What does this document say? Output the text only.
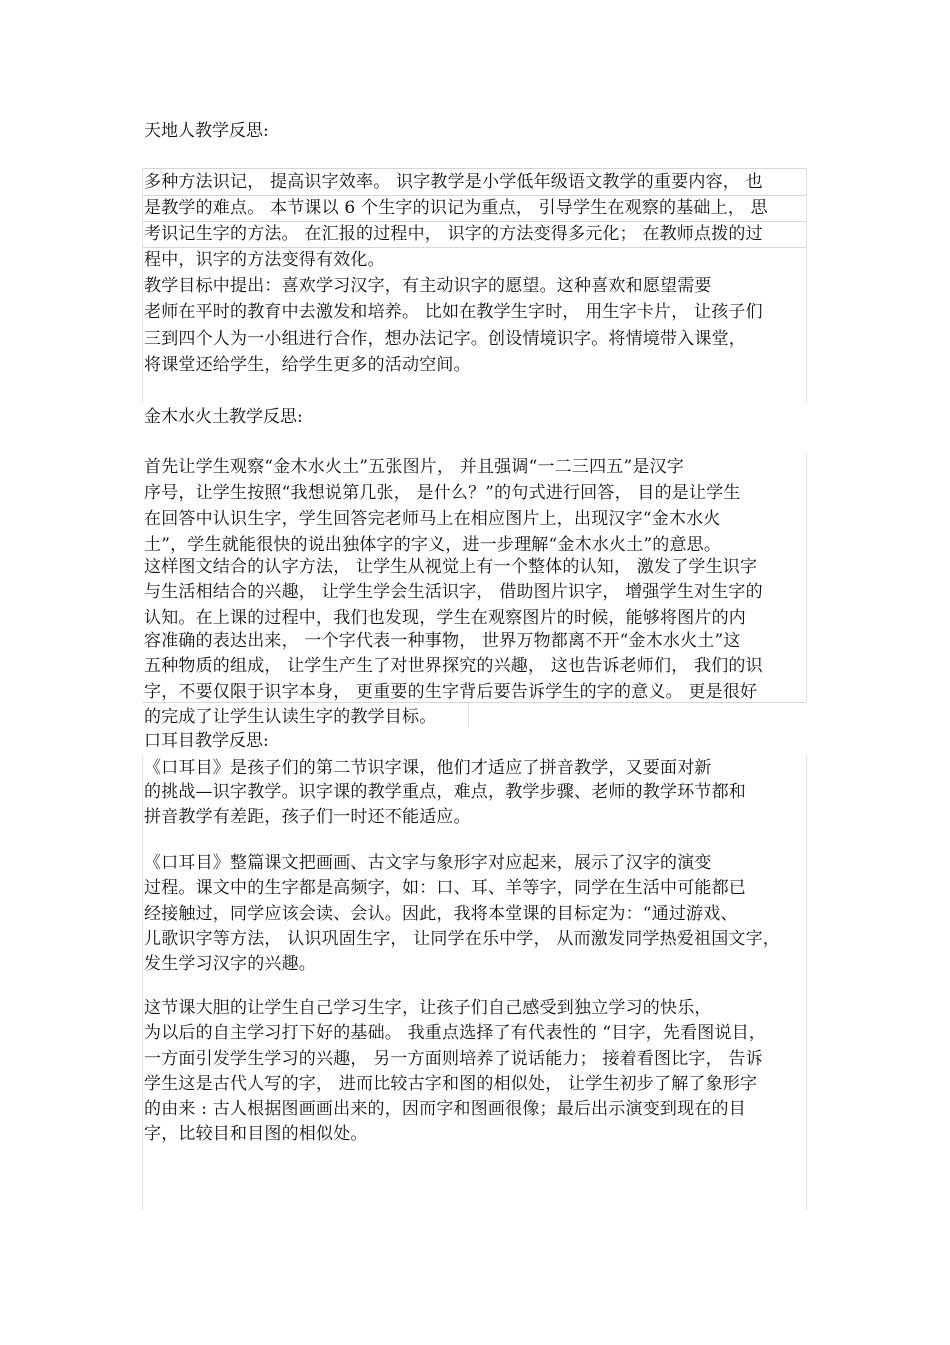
天地人教学反思:
多种方法识记， 提高识字效率。 识字教学是小学低年级语文教学的重要内容， 也
是教学的难点。 本节课以 6 个生字的识记为重点， 引导学生在观察的基础上， 思
考识记生字的方法。 在汇报的过程中， 识字的方法变得多元化； 在教师点拨的过
程中，识字的方法变得有效化。
教学目标中提出：喜欢学习汉字，有主动识字的愿望。这种喜欢和愿望需要
老师在平时的教育中去激发和培养。 比如在教学生字时， 用生字卡片， 让孩子们
三到四个人为一小组进行合作，想办法记字。创设情境识字。将情境带入课堂，
将课堂还给学生，给学生更多的活动空间。
金木水火土教学反思:
首先让学生观察“金木水火土”五张图片， 并且强调“一二三四五”是汉字
序号，让学生按照“我想说第几张， 是什么？”的句式进行回答， 目的是让学生
在回答中认识生字，学生回答完老师马上在相应图片上，出现汉字“金木水火
土”，学生就能很快的说出独体字的字义，进一步理解“金木水火土”的意思。
这样图文结合的认字方法， 让学生从视觉上有一个整体的认知， 激发了学生识字
与生活相结合的兴趣， 让学生学会生活识字， 借助图片识字， 增强学生对生字的
认知。在上课的过程中，我们也发现，学生在观察图片的时候，能够将图片的内
容准确的表达出来， 一个字代表一种事物， 世界万物都离不开“金木水火土”这
五种物质的组成， 让学生产生了对世界探究的兴趣， 这也告诉老师们， 我们的识
字，不要仅限于识字本身， 更重要的生字背后要告诉学生的字的意义。 更是很好
的完成了让学生认读生字的教学目标。
口耳目教学反思:
《口耳目》是孩子们的第二节识字课，他们才适应了拼音教学，又要面对新
的挑战—识字教学。识字课的教学重点，难点，教学步骤、老师的教学环节都和
拼音教学有差距，孩子们一时还不能适应。
《口耳目》整篇课文把画画、古文字与象形字对应起来，展示了汉字的演变
过程。课文中的生字都是高频字，如：口、耳、羊等字，同学在生活中可能都已
经接触过，同学应该会读、会认。因此，我将本堂课的目标定为：“通过游戏、
儿歌识字等方法， 认识巩固生字， 让同学在乐中学， 从而激发同学热爱祖国文字，
发生学习汉字的兴趣。
这节课大胆的让学生自己学习生字，让孩子们自己感受到独立学习的快乐，
为以后的自主学习打下好的基础。 我重点选择了有代表性的 “目字，先看图说目，
一方面引发学生学习的兴趣， 另一方面则培养了说话能力； 接着看图比字， 告诉
学生这是古代人写的字， 进而比较古字和图的相似处， 让学生初步了解了象形字
的由来 : 古人根据图画画出来的，因而字和图画很像；最后出示演变到现在的目
字，比较目和目图的相似处。
